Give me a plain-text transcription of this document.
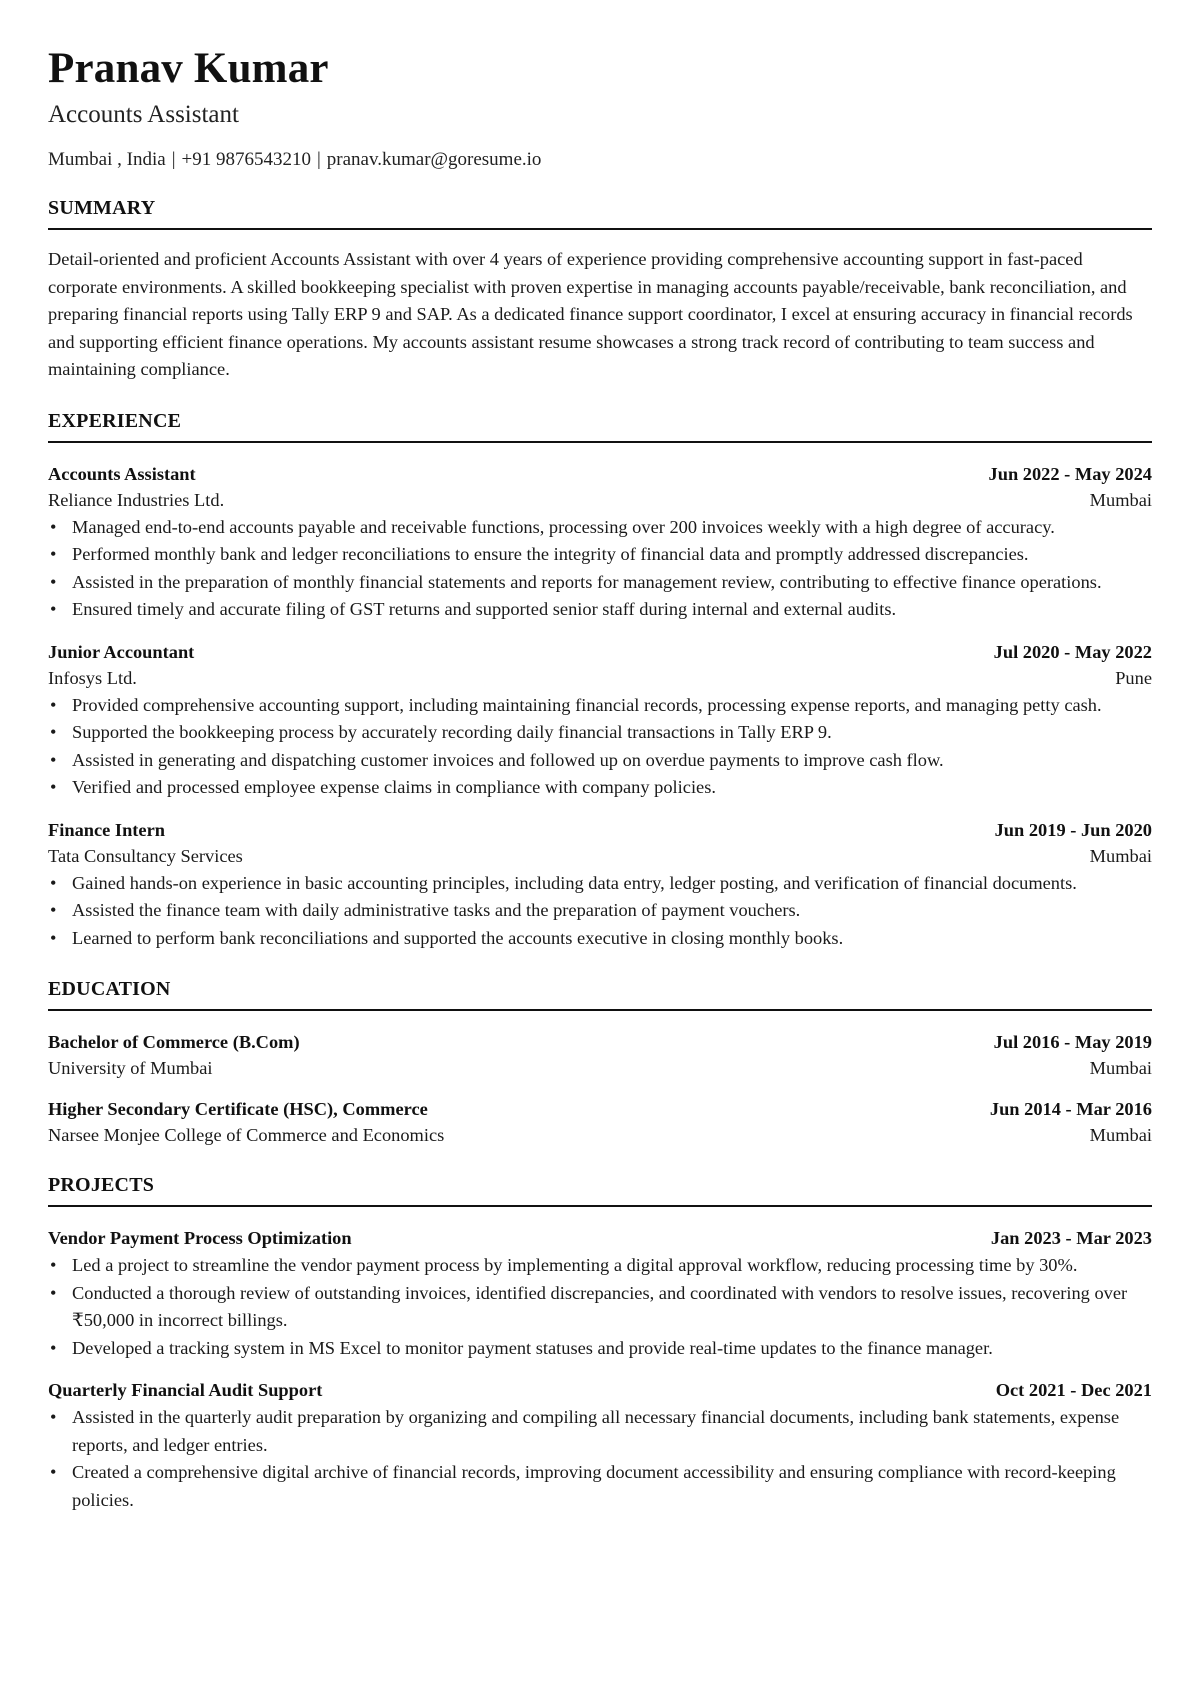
Pranav Kumar
Accounts Assistant
Mumbai , India | +91 9876543210 | pranav.kumar@goresume.io
SUMMARY
Detail-oriented and proficient Accounts Assistant with over 4 years of experience providing comprehensive accounting support in fast-paced corporate environments. A skilled bookkeeping specialist with proven expertise in managing accounts payable/receivable, bank reconciliation, and preparing financial reports using Tally ERP 9 and SAP. As a dedicated finance support coordinator, I excel at ensuring accuracy in financial records and supporting efficient finance operations. My accounts assistant resume showcases a strong track record of contributing to team success and maintaining compliance.
EXPERIENCE
Accounts Assistant	Jun 2022 - May 2024
Reliance Industries Ltd.	Mumbai
• Managed end-to-end accounts payable and receivable functions, processing over 200 invoices weekly with a high degree of accuracy.
• Performed monthly bank and ledger reconciliations to ensure the integrity of financial data and promptly addressed discrepancies.
• Assisted in the preparation of monthly financial statements and reports for management review, contributing to effective finance operations.
• Ensured timely and accurate filing of GST returns and supported senior staff during internal and external audits.
Junior Accountant	Jul 2020 - May 2022
Infosys Ltd.	Pune
• Provided comprehensive accounting support, including maintaining financial records, processing expense reports, and managing petty cash.
• Supported the bookkeeping process by accurately recording daily financial transactions in Tally ERP 9.
• Assisted in generating and dispatching customer invoices and followed up on overdue payments to improve cash flow.
• Verified and processed employee expense claims in compliance with company policies.
Finance Intern	Jun 2019 - Jun 2020
Tata Consultancy Services	Mumbai
• Gained hands-on experience in basic accounting principles, including data entry, ledger posting, and verification of financial documents.
• Assisted the finance team with daily administrative tasks and the preparation of payment vouchers.
• Learned to perform bank reconciliations and supported the accounts executive in closing monthly books.
EDUCATION
Bachelor of Commerce (B.Com)	Jul 2016 - May 2019
University of Mumbai	Mumbai
Higher Secondary Certificate (HSC), Commerce	Jun 2014 - Mar 2016
Narsee Monjee College of Commerce and Economics	Mumbai
PROJECTS
Vendor Payment Process Optimization	Jan 2023 - Mar 2023
• Led a project to streamline the vendor payment process by implementing a digital approval workflow, reducing processing time by 30%.
• Conducted a thorough review of outstanding invoices, identified discrepancies, and coordinated with vendors to resolve issues, recovering over ₹50,000 in incorrect billings.
• Developed a tracking system in MS Excel to monitor payment statuses and provide real-time updates to the finance manager.
Quarterly Financial Audit Support	Oct 2021 - Dec 2021
• Assisted in the quarterly audit preparation by organizing and compiling all necessary financial documents, including bank statements, expense reports, and ledger entries.
• Created a comprehensive digital archive of financial records, improving document accessibility and ensuring compliance with record-keeping policies.
